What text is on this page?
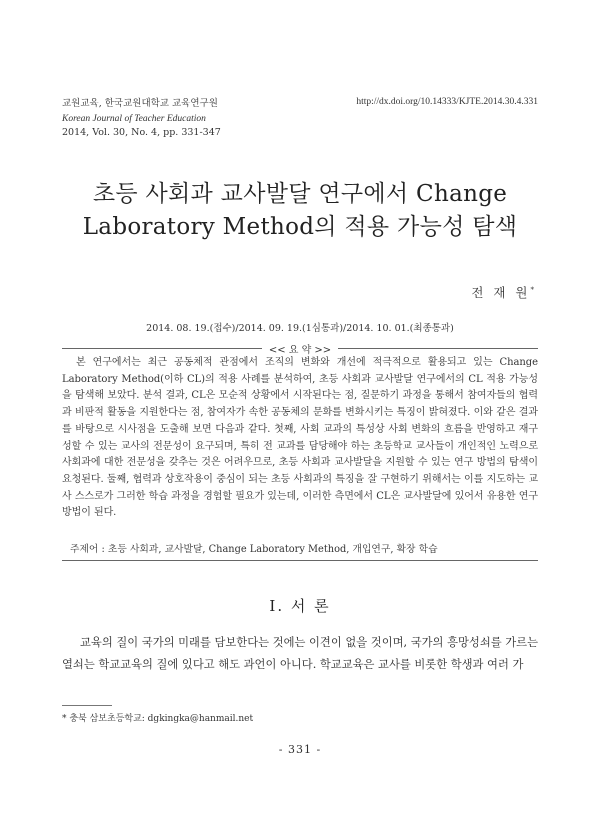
교원교육, 한국교원대학교 교육연구원
Korean Journal of Teacher Education
2014, Vol. 30, No. 4, pp. 331-347
http://dx.doi.org/10.14333/KJTE.2014.30.4.331
초등 사회과 교사발달 연구에서 Change
Laboratory Method의 적용 가능성 탐색
전 재 원*
2014. 08. 19.(접수)/2014. 09. 19.(1심통과)/2014. 10. 01.(최종통과)
<< 요 약 >>
본 연구에서는 최근 공동체적 관점에서 조직의 변화와 개선에 적극적으로 활용되고 있는 Change Laboratory Method(이하 CL)의 적용 사례를 분석하여, 초등 사회과 교사발달 연구에서의 CL 적용 가능성을 탐색해 보았다. 분석 결과, CL은 모순적 상황에서 시작된다는 점, 질문하기 과정을 통해서 참여자들의 협력과 비판적 활동을 지원한다는 점, 참여자가 속한 공동체의 문화를 변화시키는 특징이 밝혀졌다. 이와 같은 결과를 바탕으로 시사점을 도출해 보면 다음과 같다. 첫째, 사회 교과의 특성상 사회 변화의 흐름을 반영하고 재구성할 수 있는 교사의 전문성이 요구되며, 특히 전 교과를 담당해야 하는 초등학교 교사들이 개인적인 노력으로 사회과에 대한 전문성을 갖추는 것은 어려우므로, 초등 사회과 교사발달을 지원할 수 있는 연구 방법의 탐색이 요청된다. 둘째, 협력과 상호작용이 중심이 되는 초등 사회과의 특징을 잘 구현하기 위해서는 이를 지도하는 교사 스스로가 그러한 학습 과정을 경험할 필요가 있는데, 이러한 측면에서 CL은 교사발달에 있어서 유용한 연구 방법이 된다.
주제어 : 초등 사회과, 교사발달, Change Laboratory Method, 개입연구, 확장 학습
Ⅰ. 서 론
교육의 질이 국가의 미래를 담보한다는 것에는 이견이 없을 것이며, 국가의 흥망성쇠를 가르는 열쇠는 학교교육의 질에 있다고 해도 과언이 아니다. 학교교육은 교사를 비롯한 학생과 여러 가
* 충북 삼보초등학교: dgkingka@hanmail.net
- 331 -
